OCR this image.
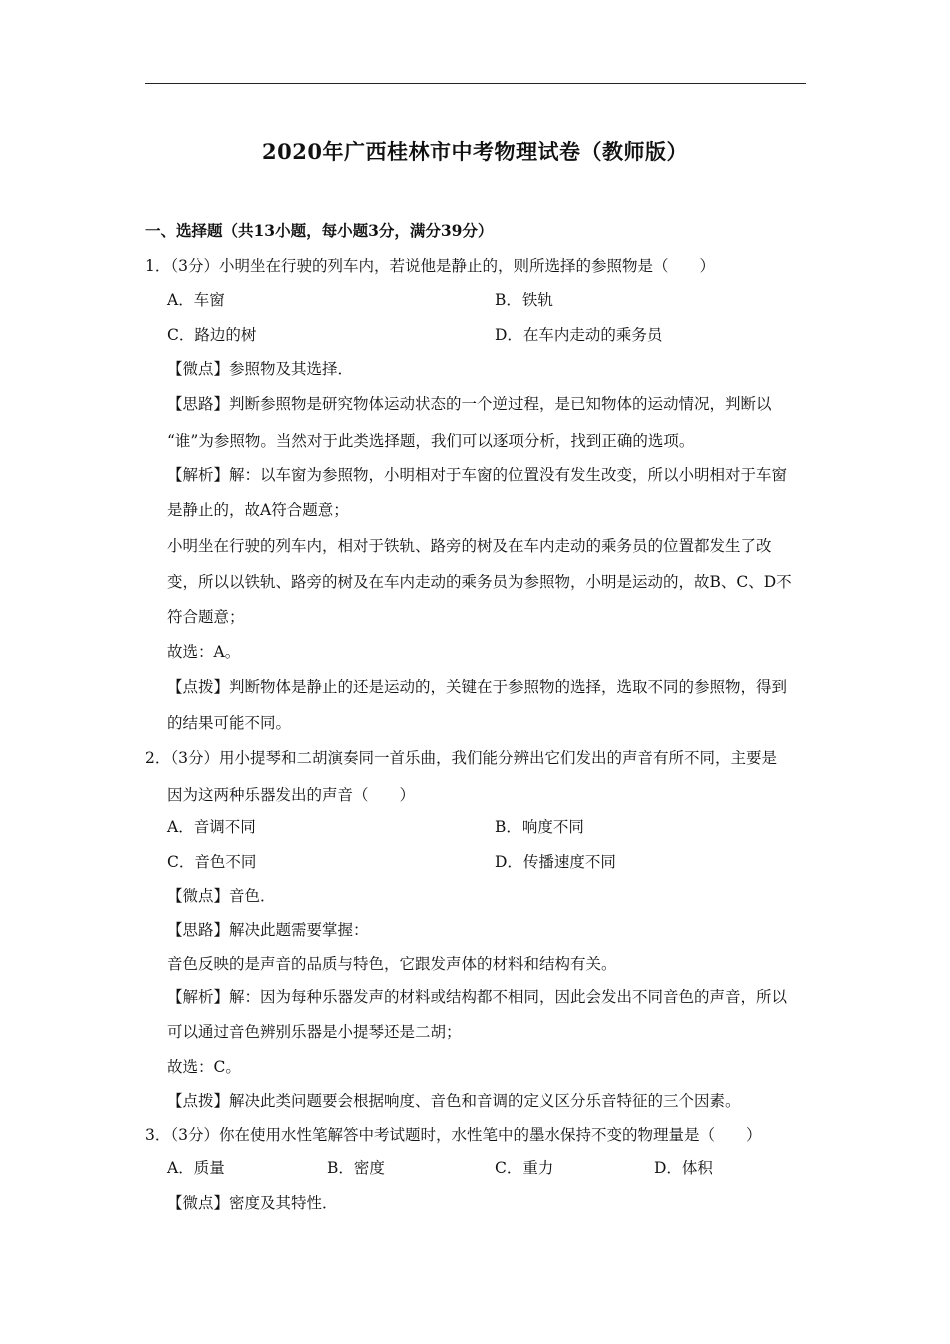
2020年广西桂林市中考物理试卷（教师版）
一、选择题（共13小题，每小题3分，满分39分）
1．（3分）小明坐在行驶的列车内，若说他是静止的，则所选择的参照物是（　　）
A．车窗	B．铁轨
C．路边的树	D．在车内走动的乘务员
【微点】参照物及其选择．
【思路】判断参照物是研究物体运动状态的一个逆过程，是已知物体的运动情况，判断以
“谁”为参照物。当然对于此类选择题，我们可以逐项分析，找到正确的选项。
【解析】解：以车窗为参照物，小明相对于车窗的位置没有发生改变，所以小明相对于车窗
是静止的，故A符合题意；
小明坐在行驶的列车内，相对于铁轨、路旁的树及在车内走动的乘务员的位置都发生了改
变，所以以铁轨、路旁的树及在车内走动的乘务员为参照物，小明是运动的，故B、C、D不
符合题意；
故选：A。
【点拨】判断物体是静止的还是运动的，关键在于参照物的选择，选取不同的参照物，得到
的结果可能不同。
2．（3分）用小提琴和二胡演奏同一首乐曲，我们能分辨出它们发出的声音有所不同，主要是
因为这两种乐器发出的声音（　　）
A．音调不同	B．响度不同
C．音色不同	D．传播速度不同
【微点】音色．
【思路】解决此题需要掌握：
音色反映的是声音的品质与特色，它跟发声体的材料和结构有关。
【解析】解：因为每种乐器发声的材料或结构都不相同，因此会发出不同音色的声音，所以
可以通过音色辨别乐器是小提琴还是二胡；
故选：C。
【点拨】解决此类问题要会根据响度、音色和音调的定义区分乐音特征的三个因素。
3．（3分）你在使用水性笔解答中考试题时，水性笔中的墨水保持不变的物理量是（　　）
A．质量	B．密度	C．重力	D．体积
【微点】密度及其特性．
